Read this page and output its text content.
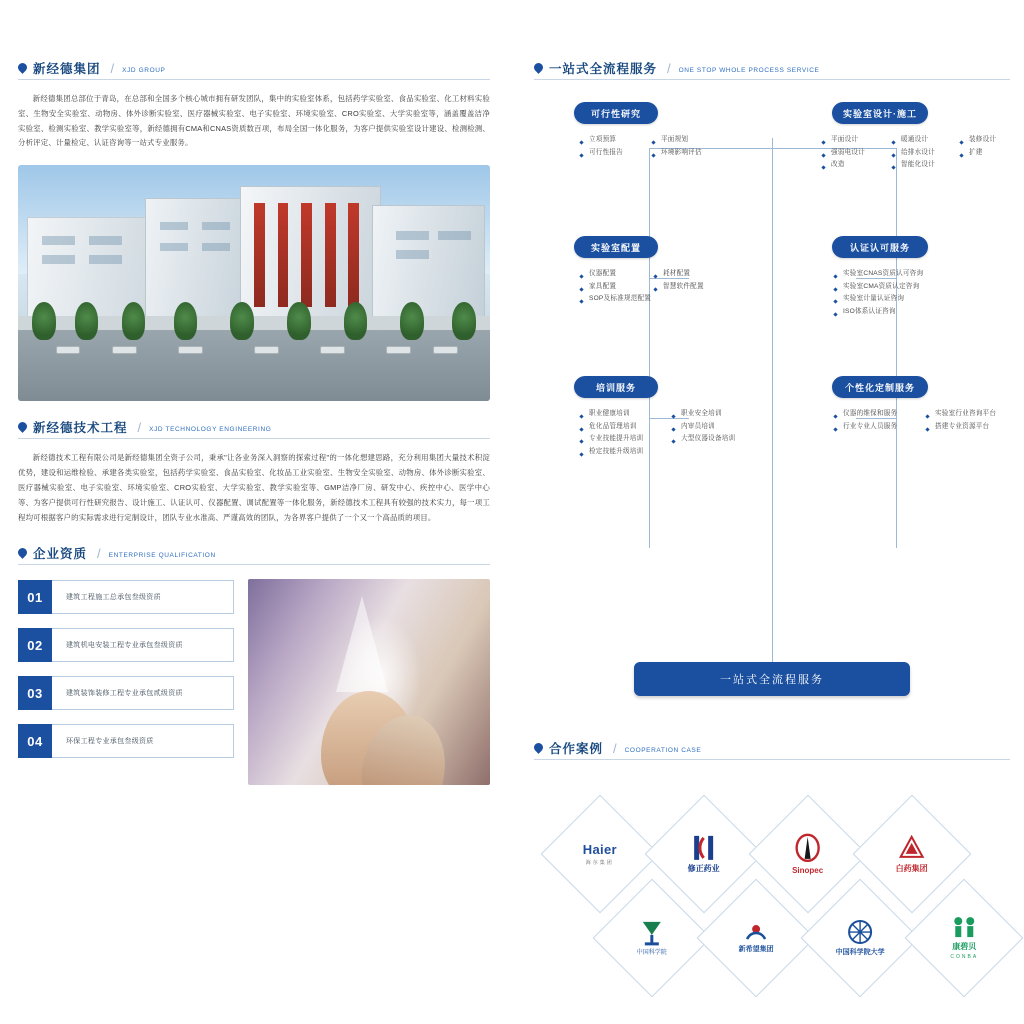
新经德集团 / XJD GROUP
新经德集团总部位于青岛，在总部和全国多个核心城市拥有研发团队，集中的实验室体系，包括药学实验室、食品实验室、化工材料实验室、生物安全实验室、动物房、体外诊断实验室、医疗器械实验室、电子实验室、环境实验室、CRO实验室、大学实验室等，涵盖覆盖洁净实验室、检测实验室、教学实验室等，新经德拥有CMA和CNAS资质数百项，布局全国一体化服务，为客户提供实验室设计建设、检测检测、分析评定、计量检定、认证咨询等一站式专业服务。
新经德技术工程 / XJD TECHNOLOGY ENGINEERING
新经德技术工程有限公司是新经德集团全资子公司，秉承"让各业务深入洞察的探索过程"的一体化想建思路，充分利用集团大量技术积淀优势，建设和运维检验、承建各类实验室，包括药学实验室、食品实验室、化妆品工业实验室、生物安全实验室、动物房、体外诊断实验室、医疗器械实验室、电子实验室、环境实验室、CRO实验室、大学实验室、教学实验室等、GMP洁净厂房、研发中心、疾控中心、医学中心等、为客户提供可行性研究报告、设计施工、认证认可、仪器配置、调试配置等一体化服务，新经德技术工程具有较强的技术实力，每一项工程均可根据客户的实际需求进行定制设计，团队专业水准高、严谨高效的团队，为各界客户提供了一个又一个高品质的项目。
企业资质 / ENTERPRISE QUALIFICATION
01	建筑工程施工总承包叁级资质
02	建筑机电安装工程专业承包叁级资质
03	建筑装饰装修工程专业承包贰级资质
04	环保工程专业承包叁级资质
一站式全流程服务 / ONE STOP WHOLE PROCESS SERVICE
可行性研究
立项预算	平面规划
可行性报告	环境影响评估
实验室设计·施工
平面设计	暖通设计	装修设计
强弱电设计	给排水设计	扩建
改造	智能化设计
实验室配置
仪器配置	耗材配置
家具配置	智慧软件配置
SOP及标准规范配置
认证认可服务
实验室CNAS资质认可咨询
实验室CMA资质认定咨询
实验室计量认证咨询
ISO体系认证咨询
培训服务
职业健康培训	职业安全培训
危化品管理培训	内审员培训
专业技能提升培训	大型仪器设备培训
检定技能升级培训
个性化定制服务
仪器的维保和服务	实验室行业咨询平台
行业专业人员服务	搭建专业资源平台
一站式全流程服务
合作案例 / COOPERATION CASE
Haier
海尔集团
修正药业	Sinopec	白药集团
中国科学院	新希望集团	中国科学院大学
康碧贝
CONBA
